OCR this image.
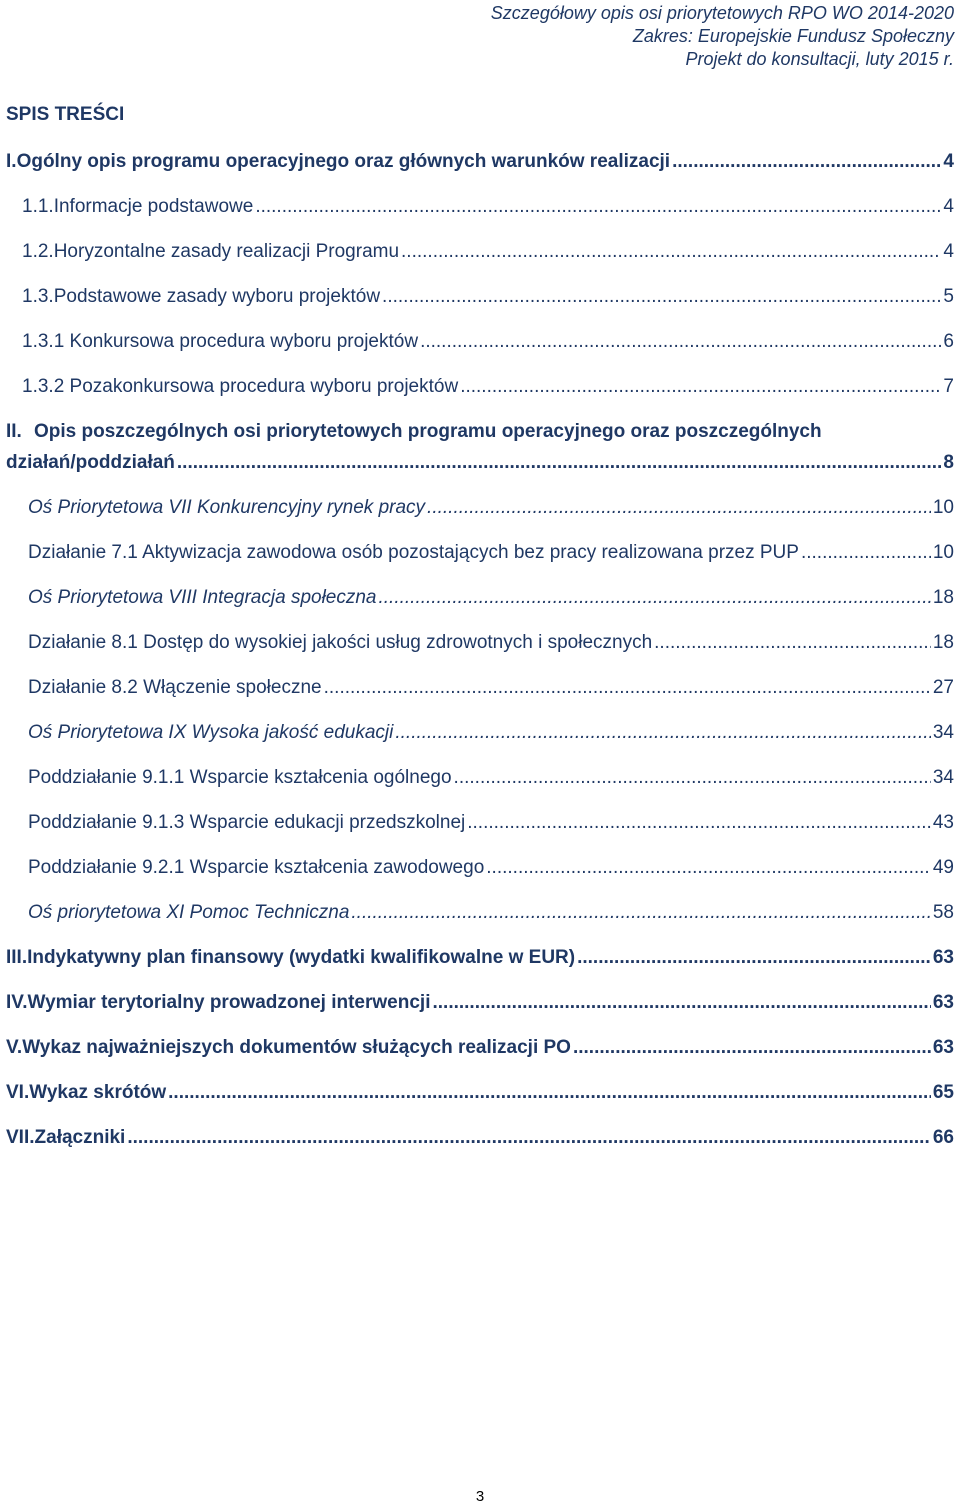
Szczegółowy opis osi priorytetowych RPO WO 2014-2020
Zakres: Europejskie Fundusz Społeczny
Projekt do konsultacji, luty 2015 r.
SPIS TREŚCI
I. Ogólny opis programu operacyjnego oraz głównych warunków realizacji .....	4
1.1. Informacje podstawowe .....	4
1.2. Horyzontalne zasady realizacji Programu .....	4
1.3. Podstawowe zasady wyboru projektów .....	5
1.3.1 Konkursowa procedura wyboru projektów .....	6
1.3.2 Pozakonkursowa procedura wyboru projektów .....	7
II. Opis poszczególnych osi priorytetowych programu operacyjnego oraz poszczególnych
działań/poddziałań .....	8
Oś Priorytetowa VII Konkurencyjny rynek pracy .....	10
Działanie 7.1 Aktywizacja zawodowa osób pozostających bez pracy realizowana przez PUP .....	10
Oś Priorytetowa VIII Integracja społeczna .....	18
Działanie 8.1 Dostęp do wysokiej jakości usług zdrowotnych i społecznych .....	18
Działanie 8.2 Włączenie społeczne .....	27
Oś Priorytetowa IX Wysoka jakość edukacji .....	34
Poddziałanie 9.1.1 Wsparcie kształcenia ogólnego .....	34
Poddziałanie 9.1.3 Wsparcie edukacji przedszkolnej .....	43
Poddziałanie 9.2.1 Wsparcie kształcenia zawodowego .....	49
Oś priorytetowa XI Pomoc Techniczna .....	58
III. Indykatywny plan finansowy (wydatki kwalifikowalne w EUR) .....	63
IV. Wymiar terytorialny prowadzonej interwencji .....	63
V. Wykaz najważniejszych dokumentów służących realizacji PO .....	63
VI. Wykaz skrótów .....	65
VII. Załączniki .....	66
3
